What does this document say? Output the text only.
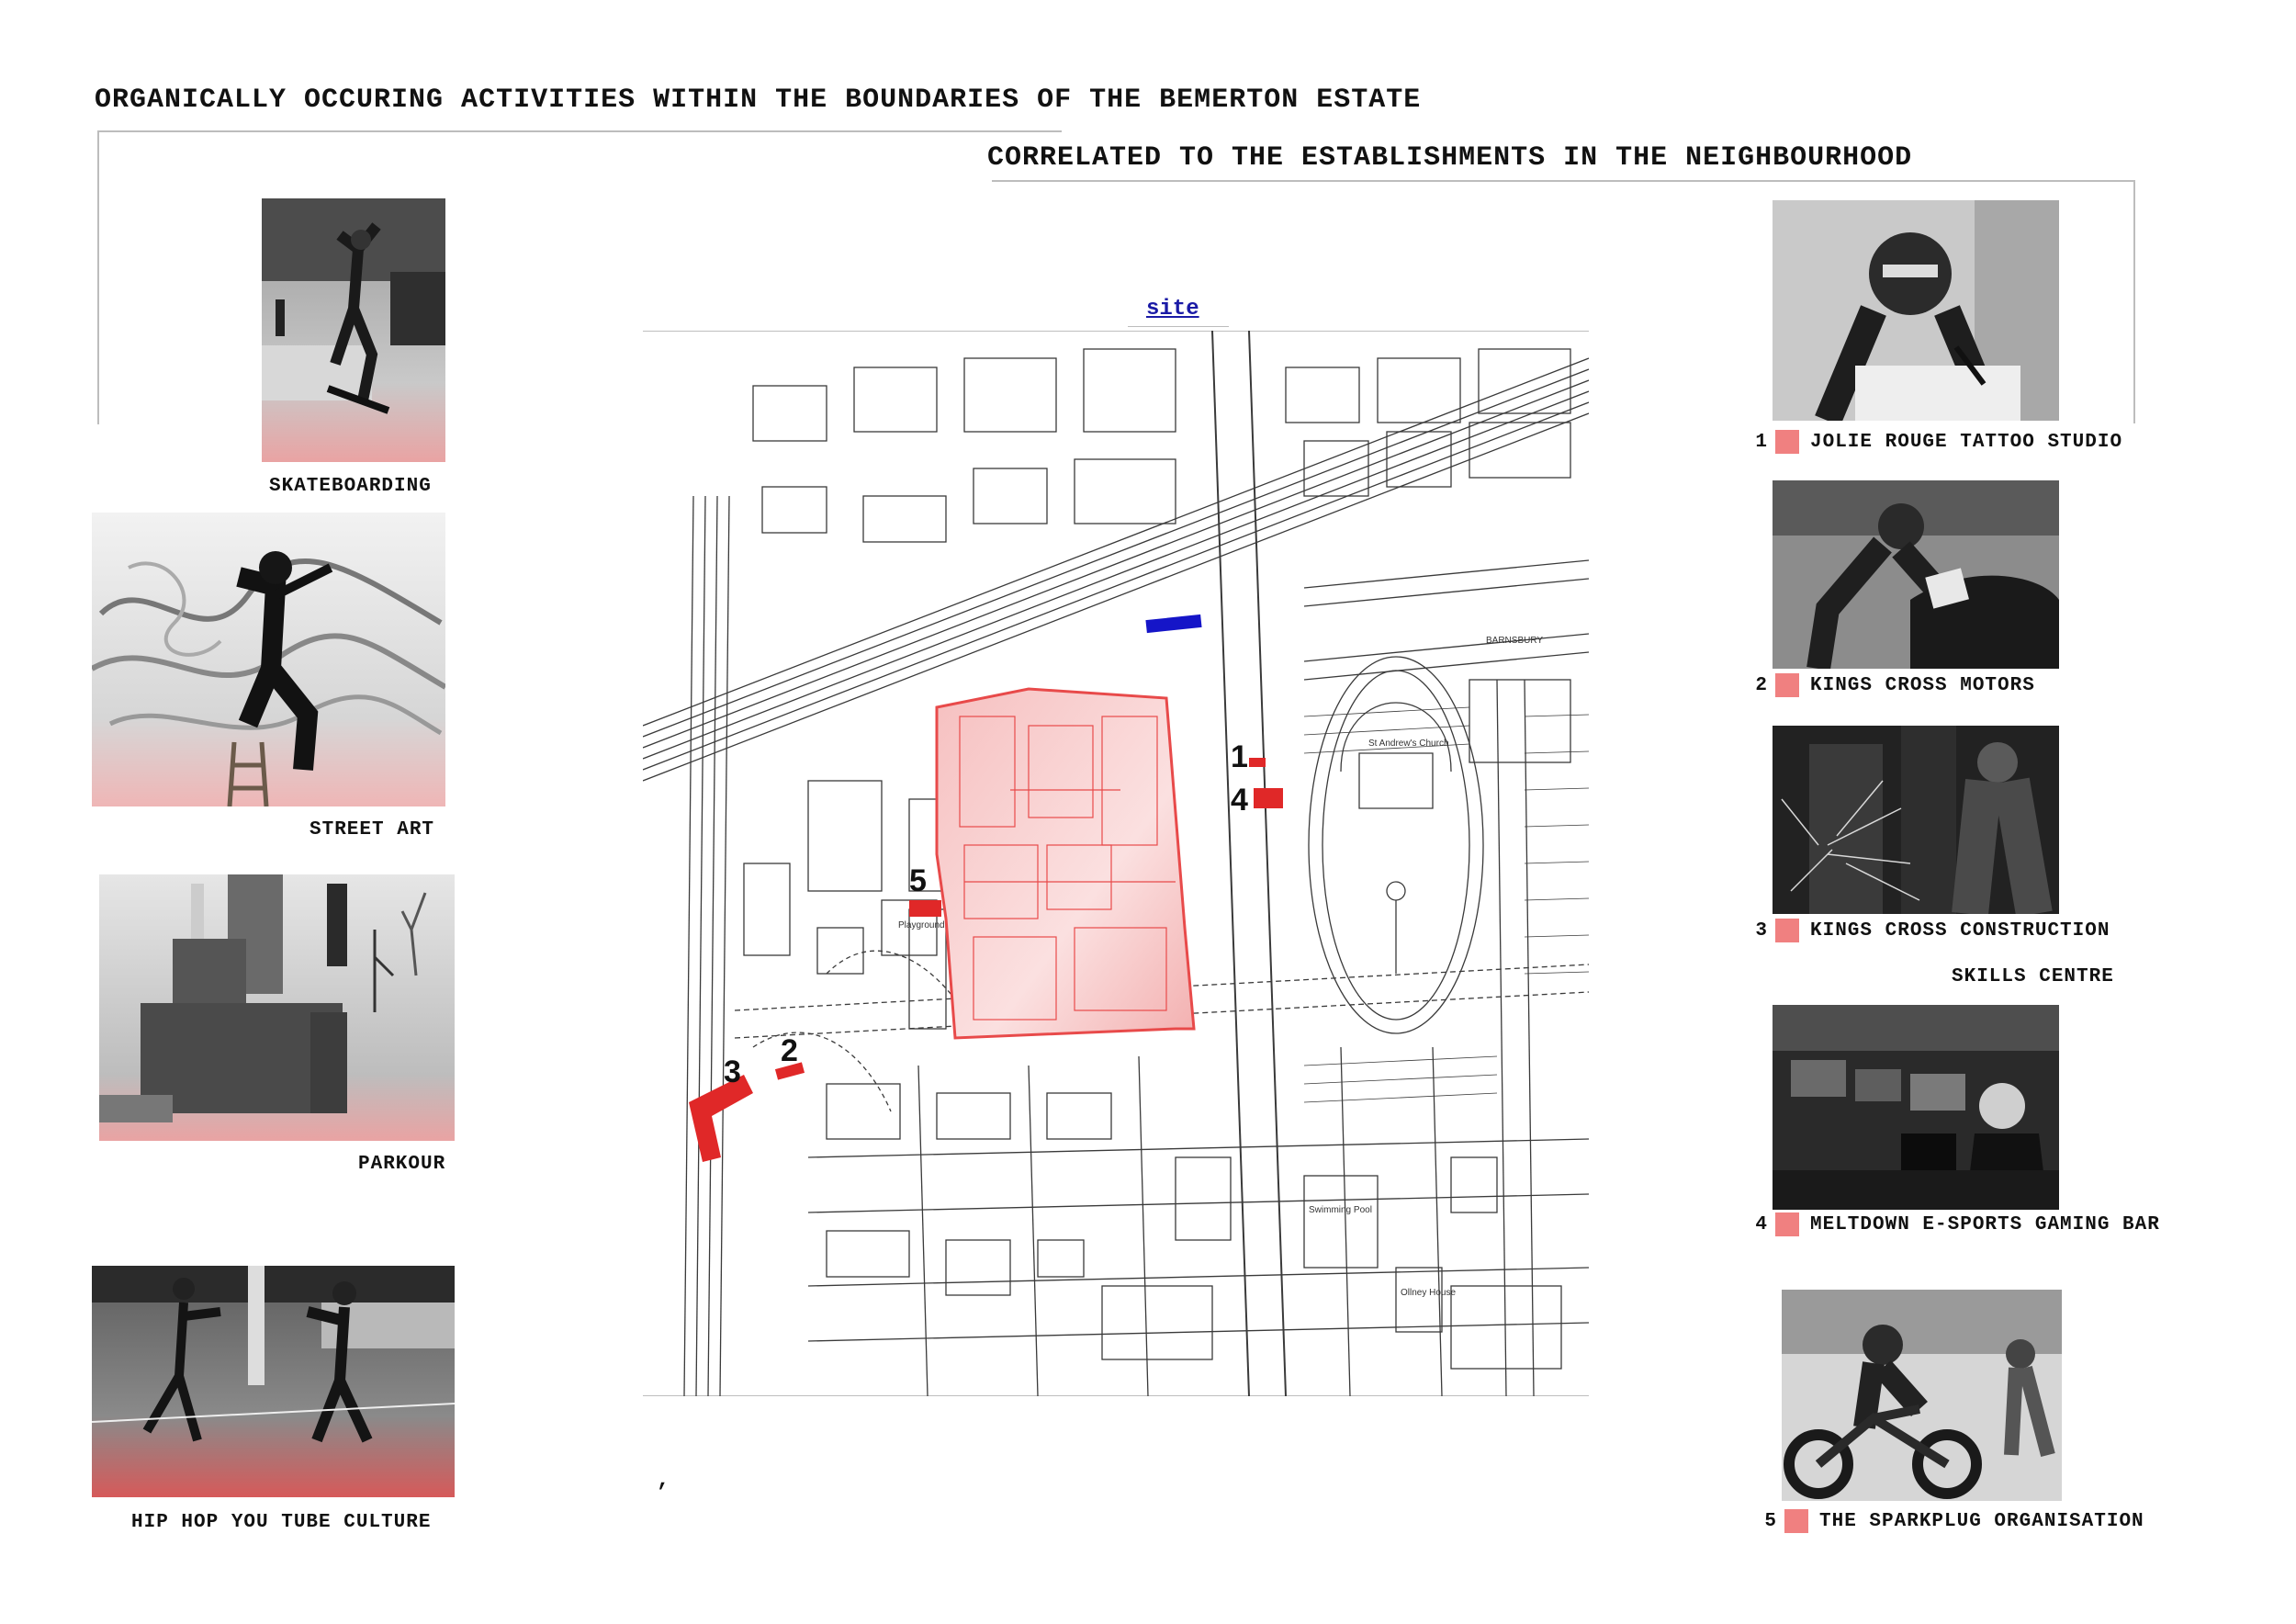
ORGANICALLY OCCURING ACTIVITIES WITHIN THE BOUNDARIES OF THE BEMERTON ESTATE
CORRELATED TO THE ESTABLISHMENTS IN THE NEIGHBOURHOOD
SKATEBOARDING
STREET ART
PARKOUR
HIP HOP YOU TUBE CULTURE
site
1
4
5
2
3
BARNSBURY
St Andrew's Church
Playground
Swimming Pool
Ollney House
,
1 JOLIE ROUGE TATTOO STUDIO
2 KINGS CROSS MOTORS
3 KINGS CROSS CONSTRUCTION
SKILLS CENTRE
4 MELTDOWN E-SPORTS GAMING BAR
5 THE SPARKPLUG ORGANISATION
